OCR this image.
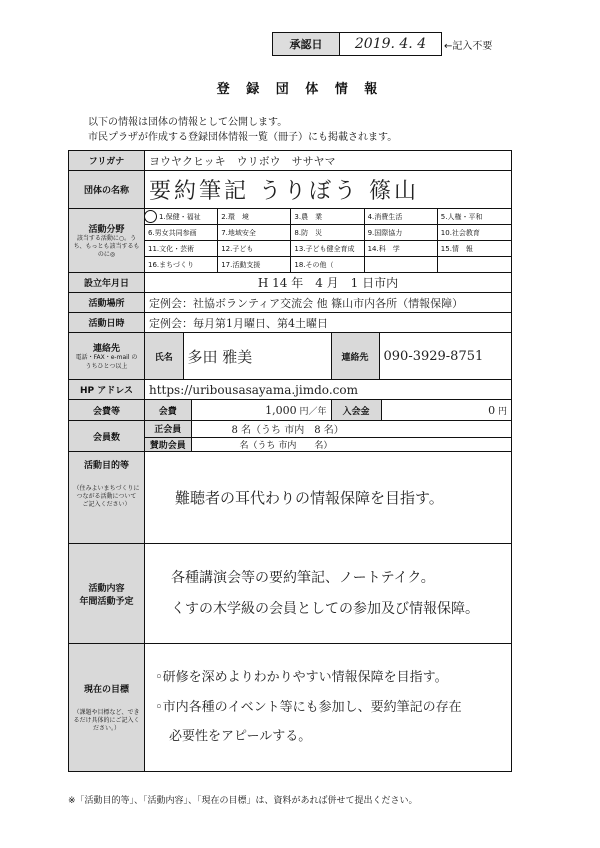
承認日	2019. 4. 4	←記入不要
登 録 団 体 情 報
以下の情報は団体の情報として公開します。
市民プラザが作成する登録団体情報一覧（冊子）にも掲載されます。
フリガナ	ヨウヤクヒッキ　ウリボウ　ササヤマ
団体の名称	要約筆記 うりぼう 篠山
活動分野
該当する活動に○。うち、もっとも該当するものに◎

1.保健・福祉	2.環　境	3.農　業	4.消費生活	5.人権・平和
6.男女共同参画	7.地域安全	8.防　災	9.国際協力	10.社会教育
11.文化・芸術	12.子ども	13.子ども健全育成	14.科　学	15.情　報
16.まちづくり	17.活動支援	18.その他（

設立年月日	H 14 年　4 月　1 日市内
活動場所	定例会：社協ボランティア交流会 他 篠山市内各所（情報保障）
活動日時	定例会：毎月第1月曜日、第4土曜日
連絡先
電話・FAX・e-mail のうちひとつ以上

氏名	多田 雅美	連絡先	090-3929-8751

HP アドレス	https://uribousasayama.jimdo.com
会費等		会費	1,000 円／年	入会金	0 円

会員数	
正会員	8 名（うち 市内　8 名）
賛助会員	名（うち 市内　　名）

活動目的等
（住みよいまちづくりにつながる活動について ご記入ください）	難聴者の耳代わりの情報保障を目指す。
活動内容
年間活動予定	
各種講演会等の要約筆記、ノートテイク。
くすの木学級の会員としての参加及び情報保障。

現在の目標
（課題や目標など、できるだけ具体的にご記入ください。）

◦研修を深めよりわかりやすい情報保障を目指す。
◦市内各種のイベント等にも参加し、要約筆記の存在
必要性をアピールする。
※「活動目的等」、「活動内容」、「現在の目標」は、資料があれば併せて提出ください。
